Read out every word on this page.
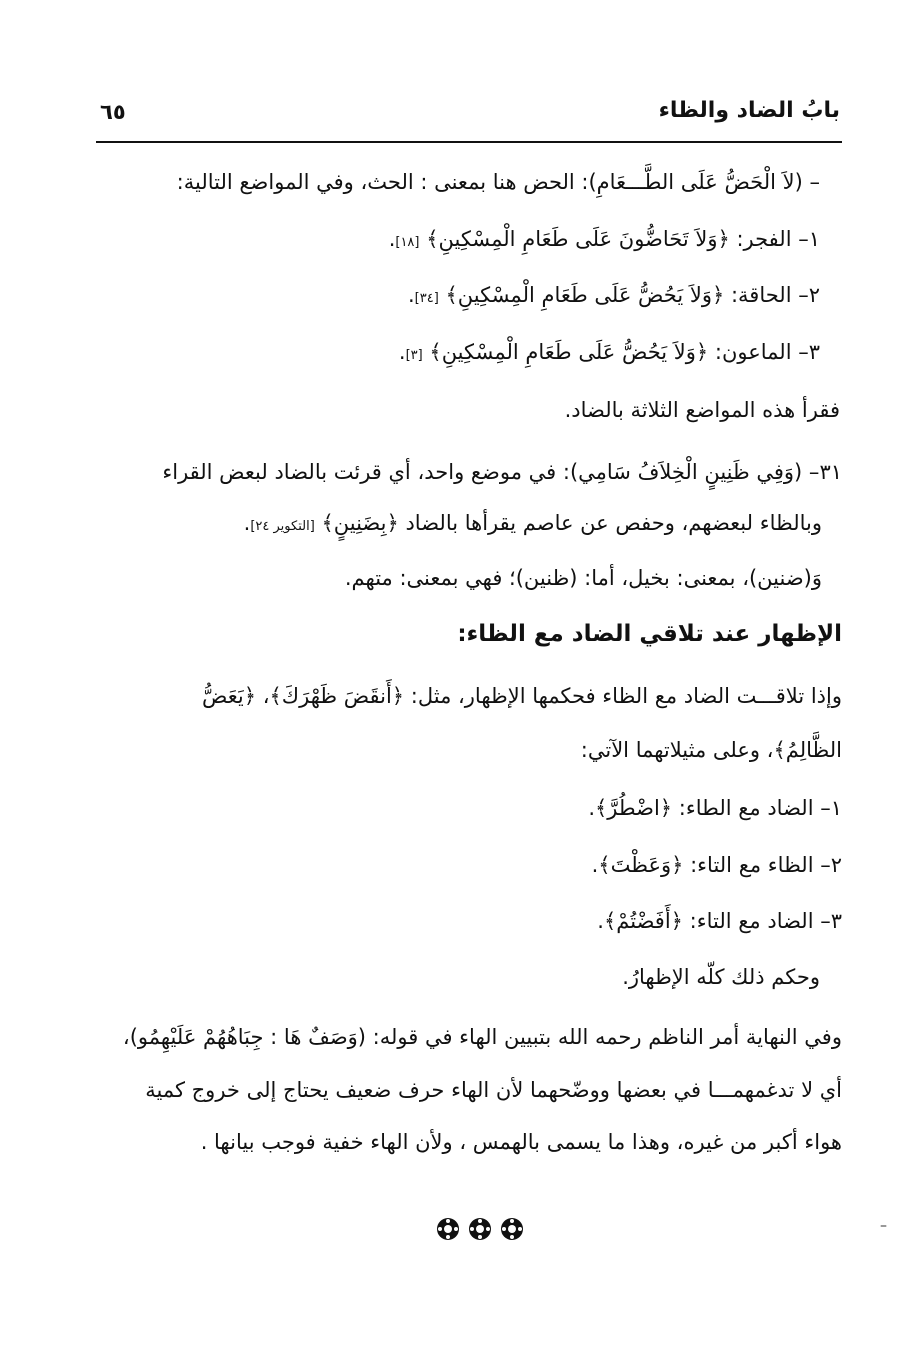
بابُ الضاد والظاء
٦٥
– (لاَ الْحَضُّ عَلَى الطَّـــعَامِ): الحض هنا بمعنى : الحث، وفي المواضع التالية:
١– الفجر: ﴿وَلاَ تَحَاضُّونَ عَلَى طَعَامِ الْمِسْكِينِ﴾ [١٨].
٢– الحاقة: ﴿وَلاَ يَحُضُّ عَلَى طَعَامِ الْمِسْكِينِ﴾ [٣٤].
٣– الماعون: ﴿وَلاَ يَحُضُّ عَلَى طَعَامِ الْمِسْكِينِ﴾ [٣].
فقرأ هذه المواضع الثلاثة بالضاد.
٣١– (وَفِي ظَنِينٍ الْخِلاَفُ سَامِي): في موضع واحد، أي قرئت بالضاد لبعض القراء
وبالظاء لبعضهم، وحفص عن عاصم يقرأها بالضاد ﴿بِضَنِينٍ﴾ [التكوير ٢٤].
وَ(ضنين)، بمعنى: بخيل، أما: (ظنين)؛ فهي بمعنى: متهم.
الإظهار عند تلاقي الضاد مع الظاء:
وإذا تلاقـــت الضاد مع الظاء فحكمها الإظهار، مثل: ﴿أَنقَضَ ظَهْرَكَ﴾، ﴿يَعَضُّ
الظَّالِمُ﴾، وعلى مثيلاتهما الآتي:
١– الضاد مع الطاء: ﴿اضْطُرَّ﴾.
٢– الظاء مع التاء: ﴿وَعَظْتَ﴾.
٣– الضاد مع التاء: ﴿أَفَضْتُمْ﴾.
وحكم ذلك كلّه الإظهارُ.
وفي النهاية أمر الناظم رحمه الله بتبيين الهاء في قوله: (وَصَفٌ هَا : جِبَاهُهُمْ عَلَيْهِمُو)،
أي لا تدغمهمـــا في بعضها ووضّحهما لأن الهاء حرف ضعيف يحتاج إلى خروج كمية
هواء أكبر من غيره، وهذا ما يسمى بالهمس ، ولأن الهاء خفية فوجب بيانها .
–
